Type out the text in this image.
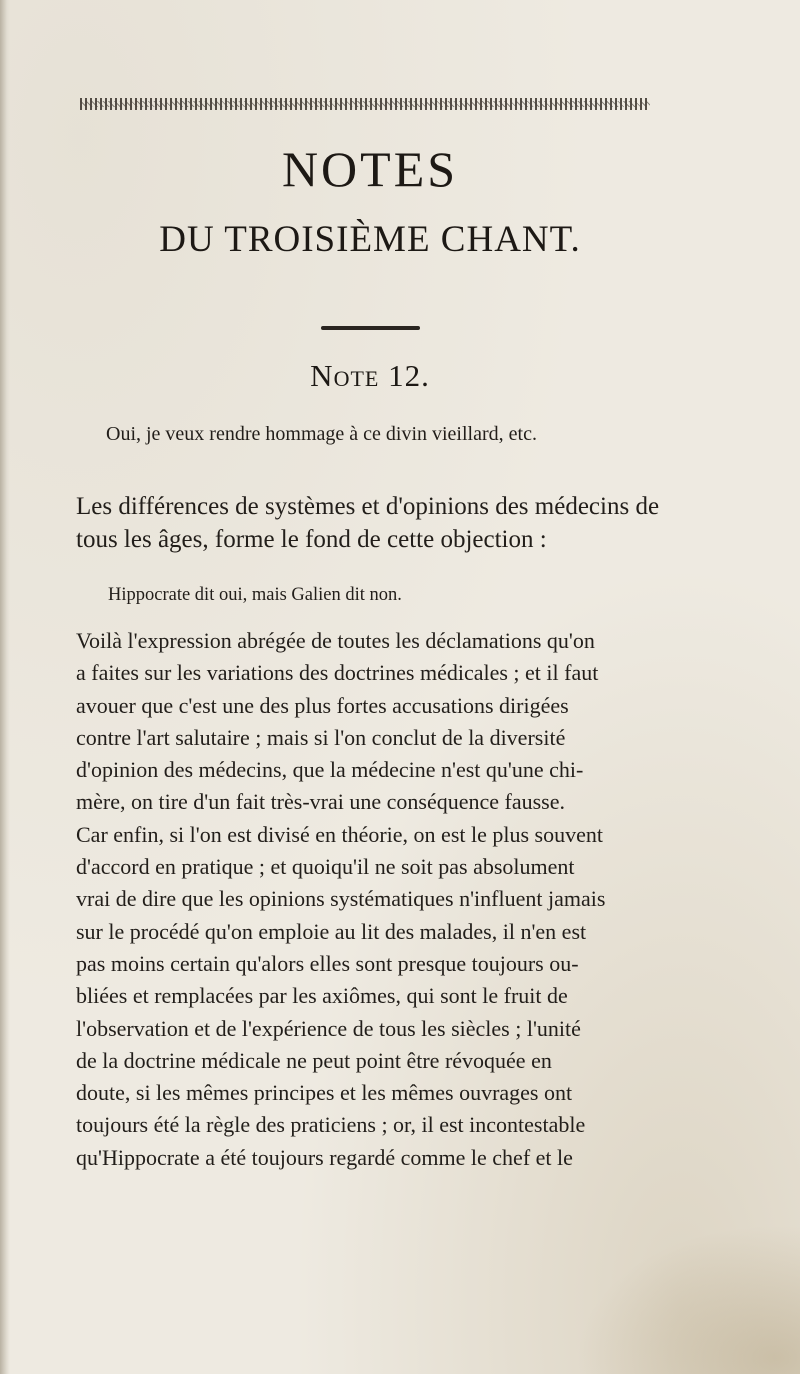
NOTES
DU TROISIÈME CHANT.
Note 12.
Oui, je veux rendre hommage à ce divin vieillard, etc.
Les différences de systèmes et d'opinions des médecins de
tous les âges, forme le fond de cette objection :
Hippocrate dit oui, mais Galien dit non.
Voilà l'expression abrégée de toutes les déclamations qu'on
a faites sur les variations des doctrines médicales ; et il faut
avouer que c'est une des plus fortes accusations dirigées
contre l'art salutaire ; mais si l'on conclut de la diversité
d'opinion des médecins, que la médecine n'est qu'une chi-
mère, on tire d'un fait très-vrai une conséquence fausse.
Car enfin, si l'on est divisé en théorie, on est le plus souvent
d'accord en pratique ; et quoiqu'il ne soit pas absolument
vrai de dire que les opinions systématiques n'influent jamais
sur le procédé qu'on emploie au lit des malades, il n'en est
pas moins certain qu'alors elles sont presque toujours ou-
bliées et remplacées par les axiômes, qui sont le fruit de
l'observation et de l'expérience de tous les siècles ; l'unité
de la doctrine médicale ne peut point être révoquée en
doute, si les mêmes principes et les mêmes ouvrages ont
toujours été la règle des praticiens ; or, il est incontestable
qu'Hippocrate a été toujours regardé comme le chef et le
